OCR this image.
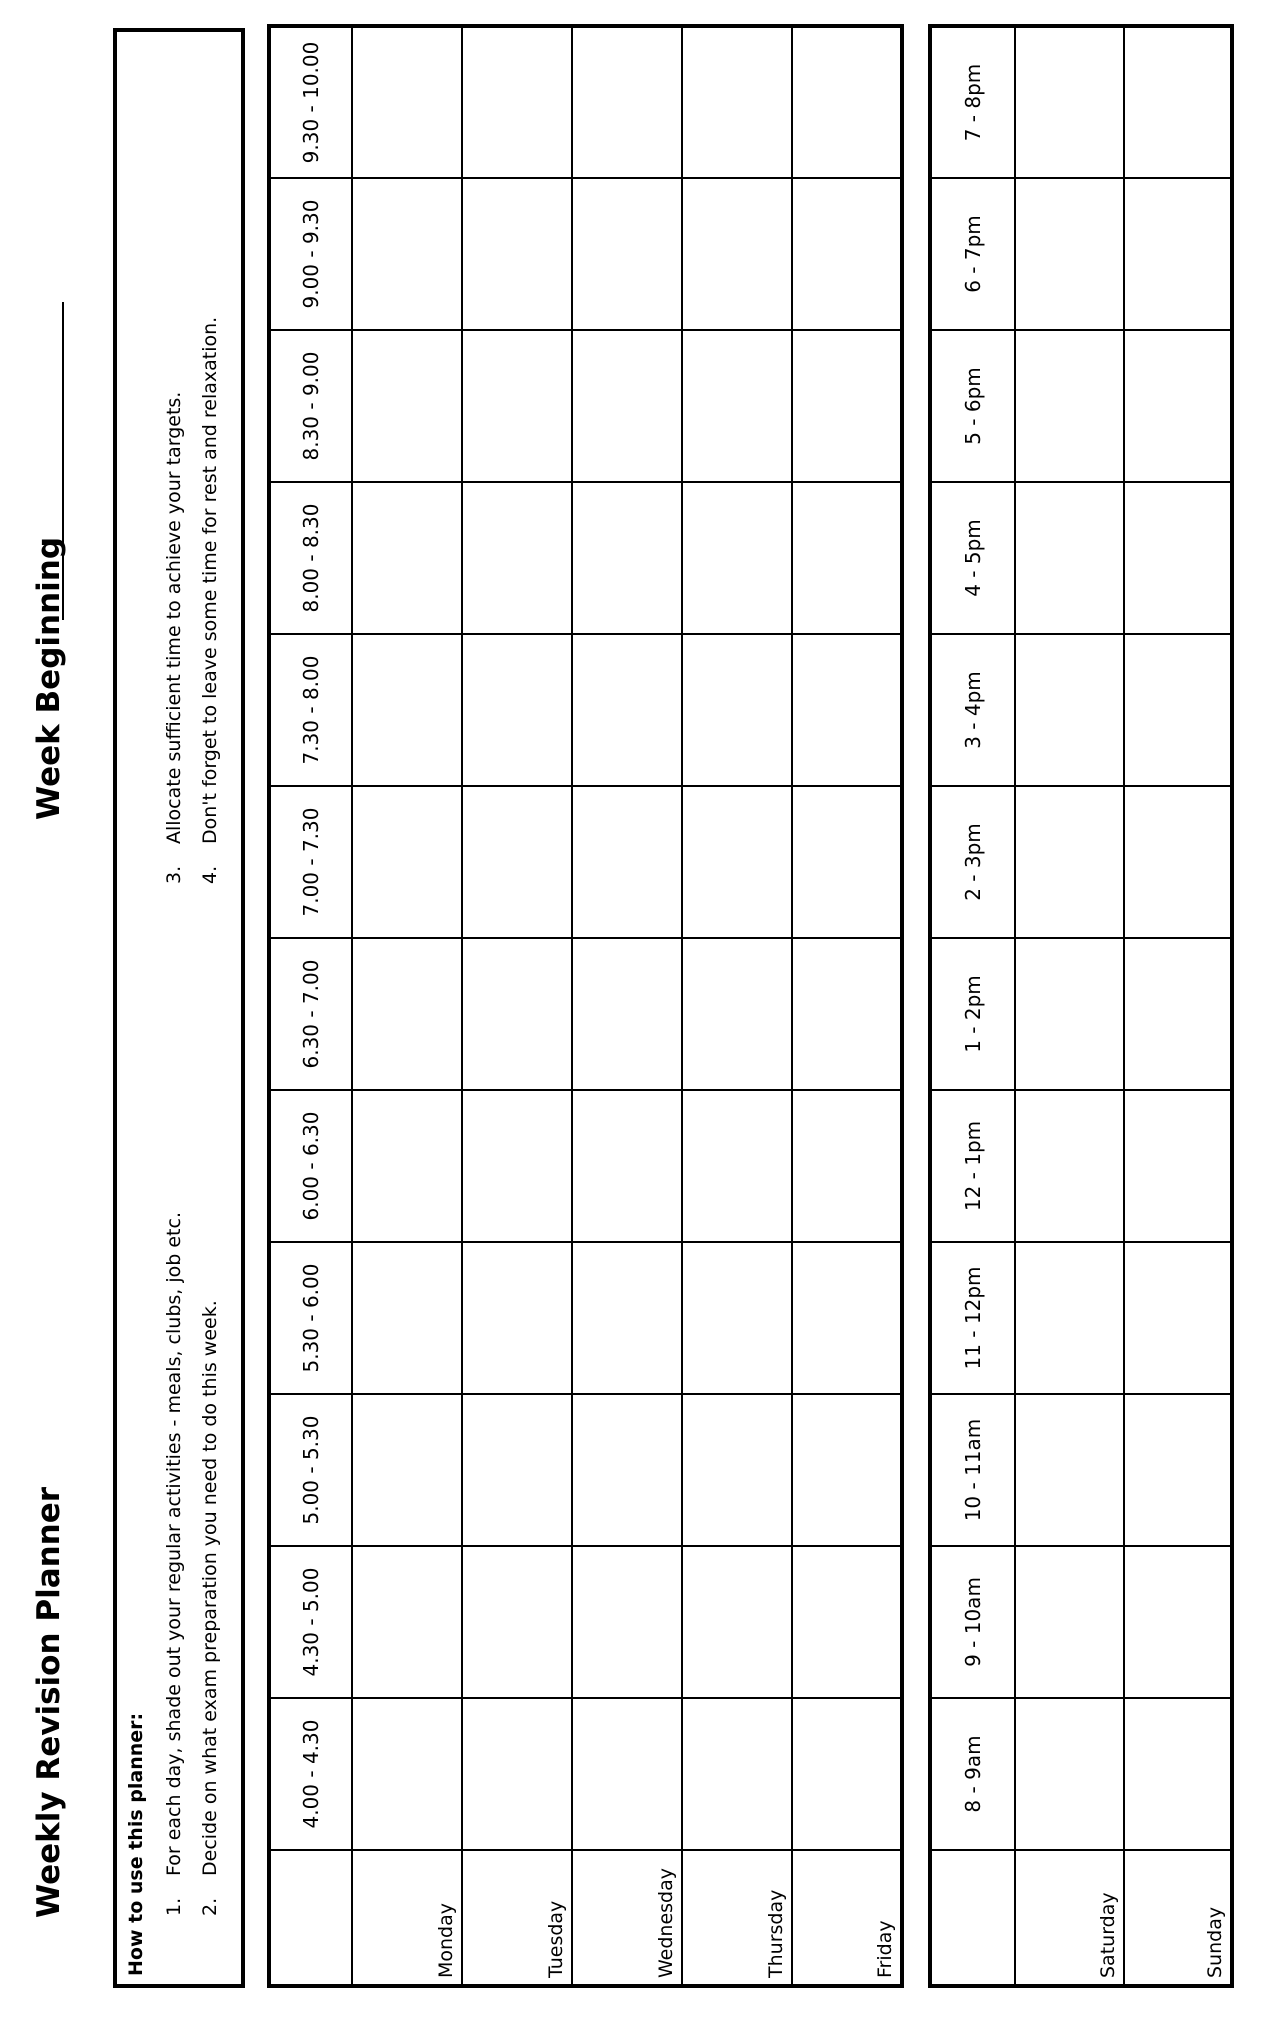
Weekly Revision Planner
Week Beginning
How to use this planner: 1.For each day, shade out your regular activities - meals, clubs, job etc.
2.Decide on what exam preparation you need to do this week.
3.Allocate sufficient time to achieve your targets.
4.Don't forget to leave some time for rest and relaxation.
	4.00 - 4.30	4.30 - 5.00	5.00 - 5.30	5.30 - 6.00	6.00 - 6.30	6.30 - 7.00	7.00 - 7.30	7.30 - 8.00	8.00 - 8.30	8.30 - 9.00	9.00 - 9.30	9.30 - 10.00
Monday												
Tuesday												
Wednesday												
Thursday												
Friday												
	8 - 9am	9 - 10am	10 - 11am	11 - 12pm	12 - 1pm	1 - 2pm	2 - 3pm	3 - 4pm	4 - 5pm	5 - 6pm	6 - 7pm	7 - 8pm
Saturday												
Sunday												
